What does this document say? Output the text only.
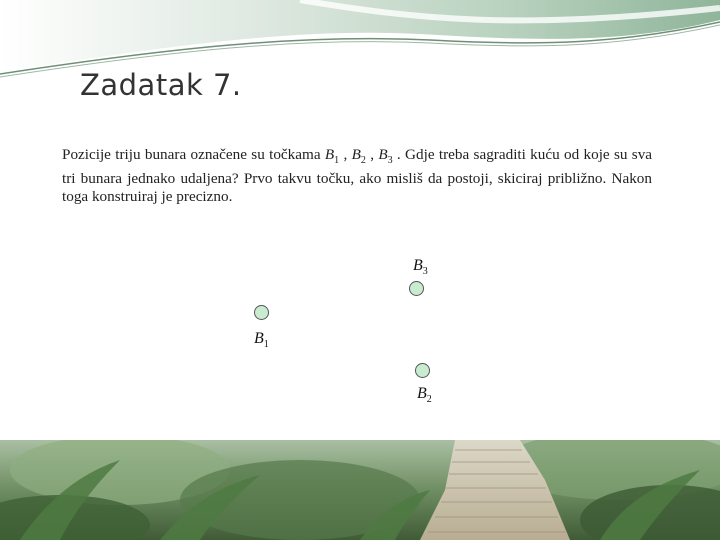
Zadatak 7.
Pozicije triju bunara označene su točkama $B_1$ , $B_2$ , $B_3$ . Gdje treba sagraditi kuću od koje su sva tri bunara jednako udaljena? Prvo takvu točku, ako misliš da postoji, skiciraj približno. Nakon toga konstruiraj je precizno.
$B_1$
$B_2$
$B_3$
